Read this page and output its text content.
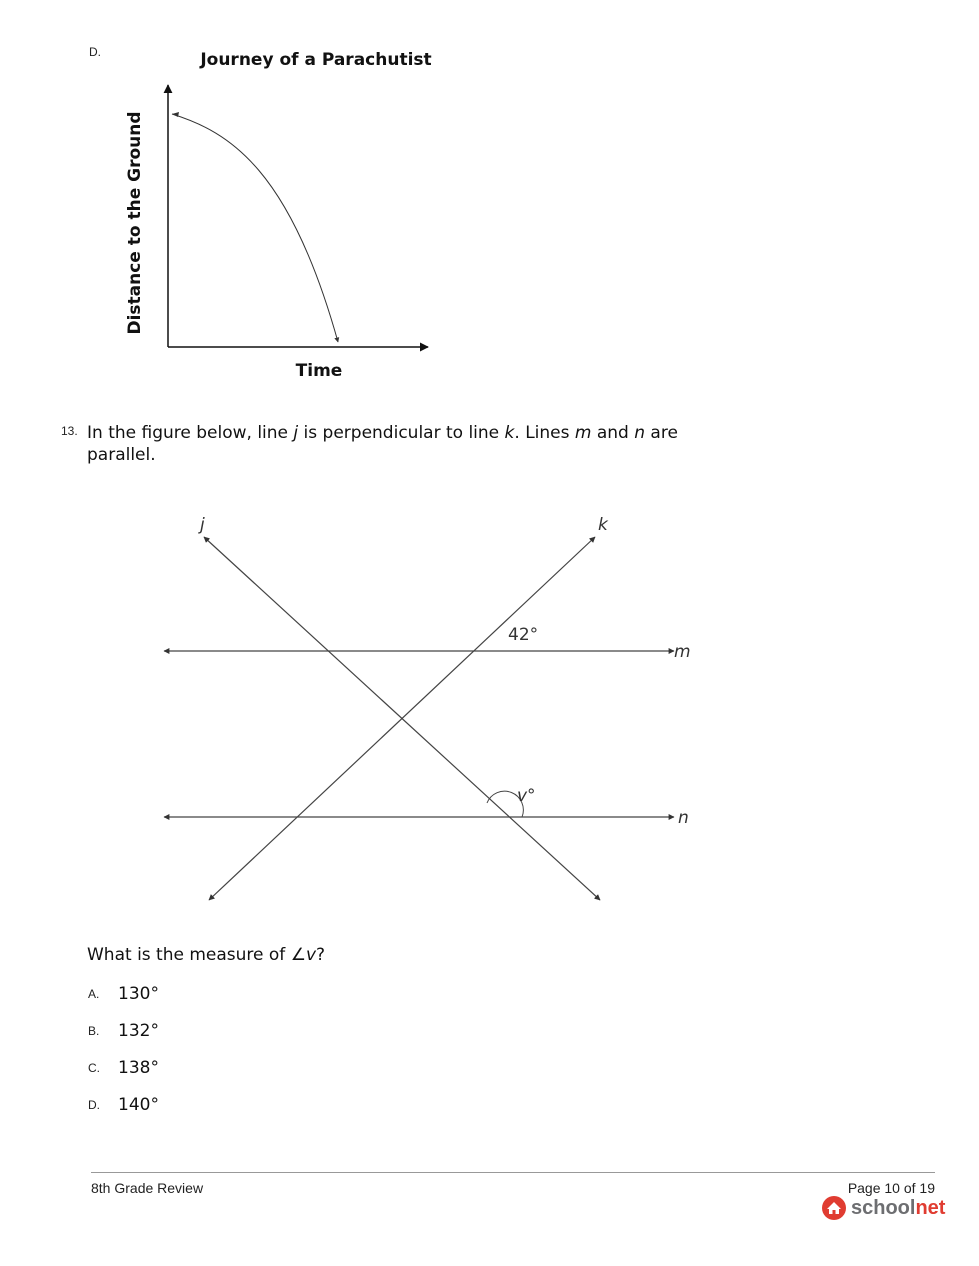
D.	Journey of a Parachutist
Distance to the Ground
Time
13. In the figure below, line j is perpendicular to line k. Lines m and n are
parallel.
j	k
m
n
42°
v°
What is the measure of ∠v?
A. 130°
B. 132°
C. 138°
D. 140°
8th Grade Review	Page 10 of 19
school net
